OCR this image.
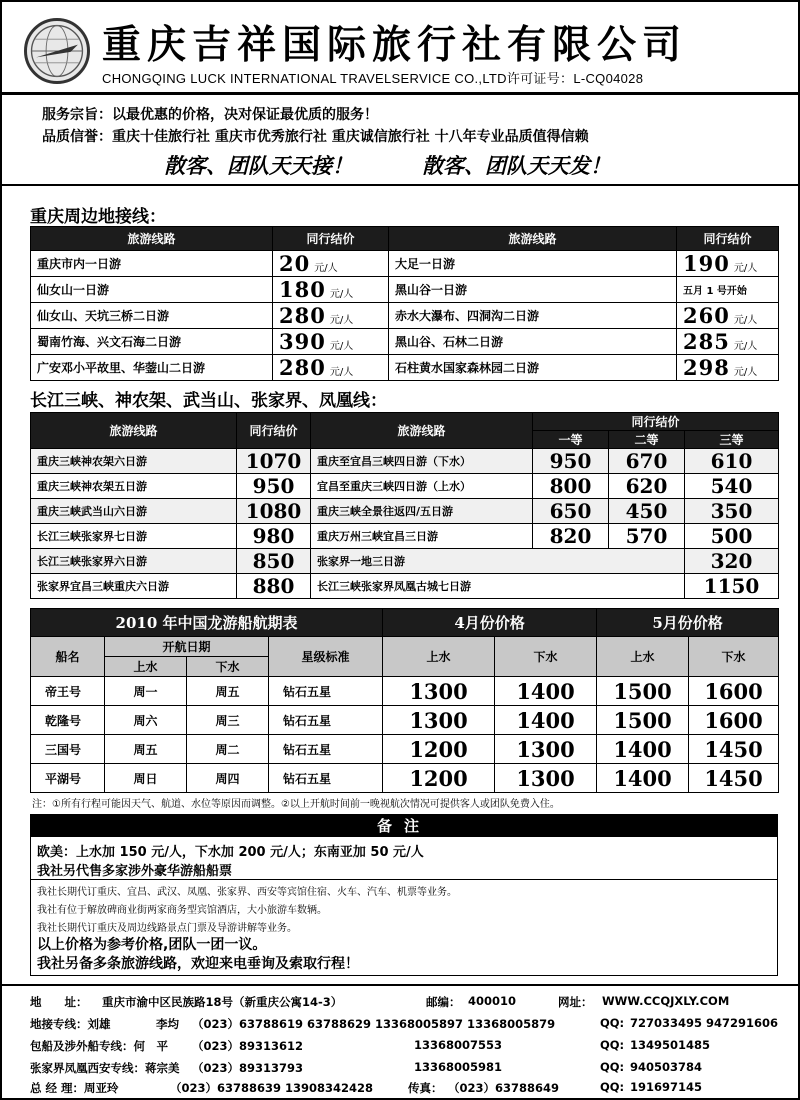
重庆吉祥国际旅行社有限公司
CHONGQING LUCK INTERNATIONAL TRAVELSERVICE CO.,LTD许可证号：L-CQ04028
服务宗旨：以最优惠的价格，决对保证最优质的服务！
品质信誉：重庆十佳旅行社 重庆市优秀旅行社 重庆诚信旅行社 十八年专业品质值得信赖
散客、团队天天接！	散客、团队天天发！
重庆周边地接线：
旅游线路	同行结价	旅游线路	同行结价
重庆市内一日游	20 元/人	大足一日游	190 元/人
仙女山一日游	180 元/人	黑山谷一日游	五月 1 号开始
仙女山、天坑三桥二日游	280 元/人	赤水大瀑布、四洞沟二日游	260 元/人
蜀南竹海、兴文石海二日游	390 元/人	黑山谷、石林二日游	285 元/人
广安邓小平故里、华蓥山二日游	280 元/人	石柱黄水国家森林园二日游	298 元/人
长江三峡、神农架、武当山、张家界、凤凰线：
旅游线路	同行结价	旅游线路	同行结价		
			一等	二等	三等
重庆三峡神农架六日游	1070	重庆至宜昌三峡四日游（下水）	950	670	610
重庆三峡神农架五日游	950	宜昌至重庆三峡四日游（上水）	800	620	540
重庆三峡武当山六日游	1080	重庆三峡全景往返四/五日游	650	450	350
长江三峡张家界七日游	980	重庆万州三峡宜昌三日游	820	570	500
长江三峡张家界六日游	850	张家界一地三日游			320
张家界宜昌三峡重庆六日游	880	长江三峡张家界凤凰古城七日游			1150
2010 年中国龙游船航期表				4月份价格		5月份价格	
船名	开航日期		星级标准	上水	下水	上水	下水
	上水	下水					
帝王号	周一	周五	钻石五星	1300	1400	1500	1600
乾隆号	周六	周三	钻石五星	1300	1400	1500	1600
三国号	周五	周二	钻石五星	1200	1300	1400	1450
平湖号	周日	周四	钻石五星	1200	1300	1400	1450
注：①所有行程可能因天气、航道、水位等原因而调整。②以上开航时间前一晚视航次情况可提供客人或团队免费入住。
备注
欧美：上水加 150 元/人，下水加 200 元/人；东南亚加 50 元/人
我社另代售多家涉外豪华游船船票
我社长期代订重庆、宜昌、武汉、凤凰、张家界、西安等宾馆住宿、火车、汽车、机票等业务。
我社有位于解放碑商业街两家商务型宾馆酒店，大小旅游车数辆。
我社长期代订重庆及周边线路景点门票及导游讲解等业务。
以上价格为参考价格,团队一团一议。
我社另备多条旅游线路，欢迎来电垂询及索取行程！
地　　址： 重庆市渝中区民族路18号（新重庆公寓14-3）	邮编： 400010	网址： WWW.CCQJXLY.COM
地接专线：刘雄	李均 （023）63788619 63788629 13368005897 13368005879	QQ: 727033495 947291606
包船及涉外船专线：何　平 （023）89313612	13368007553	QQ: 1349501485
张家界凤凰西安专线：蒋宗美 （023）89313793	13368005981	QQ: 940503784
总 经 理：周亚玲	（023）63788639 13908342428	传真： （023）63788649	QQ: 191697145
